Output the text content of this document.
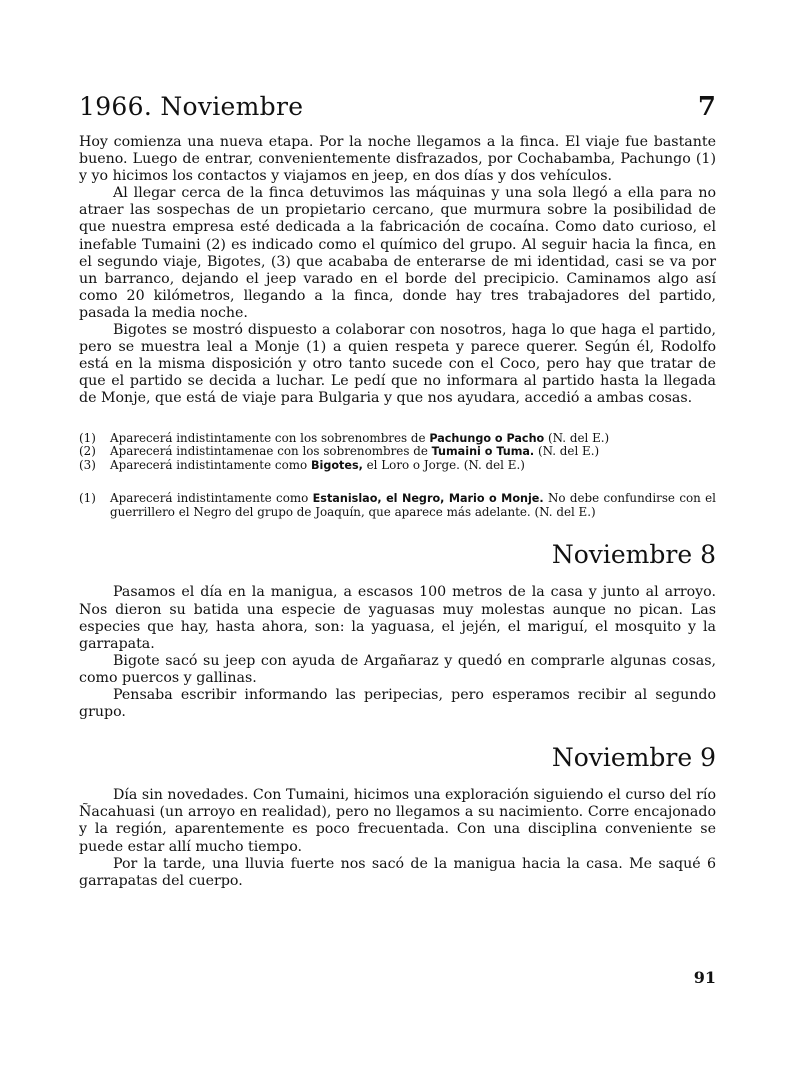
1966. Noviembre	7

Hoy comienza una nueva etapa. Por la noche llegamos a la finca. El viaje fue bastante bueno. Luego de entrar, convenientemente disfrazados, por Cochabamba, Pachungo (1) y yo hicimos los contactos y viajamos en jeep, en dos días y dos vehículos.

Al llegar cerca de la finca detuvimos las máquinas y una sola llegó a ella para no atraer las sospechas de un propietario cercano, que murmura sobre la posibilidad de que nuestra empresa esté dedicada a la fabricación de cocaína. Como dato curioso, el inefable Tumaini (2) es indicado como el químico del grupo. Al seguir hacia la finca, en el segundo viaje, Bigotes, (3) que acababa de enterarse de mi identidad, casi se va por un barranco, dejando el jeep varado en el borde del precipicio. Caminamos algo así como 20 kilómetros, llegando a la finca, donde hay tres trabajadores del partido, pasada la media noche.

Bigotes se mostró dispuesto a colaborar con nosotros, haga lo que haga el partido, pero se muestra leal a Monje (1) a quien respeta y parece querer. Según él, Rodolfo está en la misma disposición y otro tanto sucede con el Coco, pero hay que tratar de que el partido se decida a luchar. Le pedí que no informara al partido hasta la llegada de Monje, que está de viaje para Bulgaria y que nos ayudara, accedió a ambas cosas.

(1)	Aparecerá indistintamente con los sobrenombres de Pachungo o Pacho (N. del E.)

(2)	Aparecerá indistintamenae con los sobrenombres de Tumaini o Tuma. (N. del E.)

(3)	Aparecerá indistintamente como Bigotes, el Loro o Jorge. (N. del E.)

(1)	Aparecerá indistintamente como Estanislao, el Negro, Mario o Monje. No debe confundirse con el guerrillero el Negro del grupo de Joaquín, que aparece más adelante. (N. del E.)

Noviembre 8

Pasamos el día en la manigua, a escasos 100 metros de la casa y junto al arroyo. Nos dieron su batida una especie de yaguasas muy molestas aunque no pican. Las especies que hay, hasta ahora, son: la yaguasa, el jején, el mariguí, el mosquito y la garrapata.

Bigote sacó su jeep con ayuda de Argañaraz y quedó en comprarle algunas cosas, como puercos y gallinas.

Pensaba escribir informando las peripecias, pero esperamos recibir al segundo grupo.

Noviembre 9

Día sin novedades. Con Tumaini, hicimos una exploración siguiendo el curso del río Ñacahuasi (un arroyo en realidad), pero no llegamos a su nacimiento. Corre encajonado y la región, aparentemente es poco frecuentada. Con una disciplina conveniente se puede estar allí mucho tiempo.

Por la tarde, una lluvia fuerte nos sacó de la manigua hacia la casa. Me saqué 6 garrapatas del cuerpo.

91
